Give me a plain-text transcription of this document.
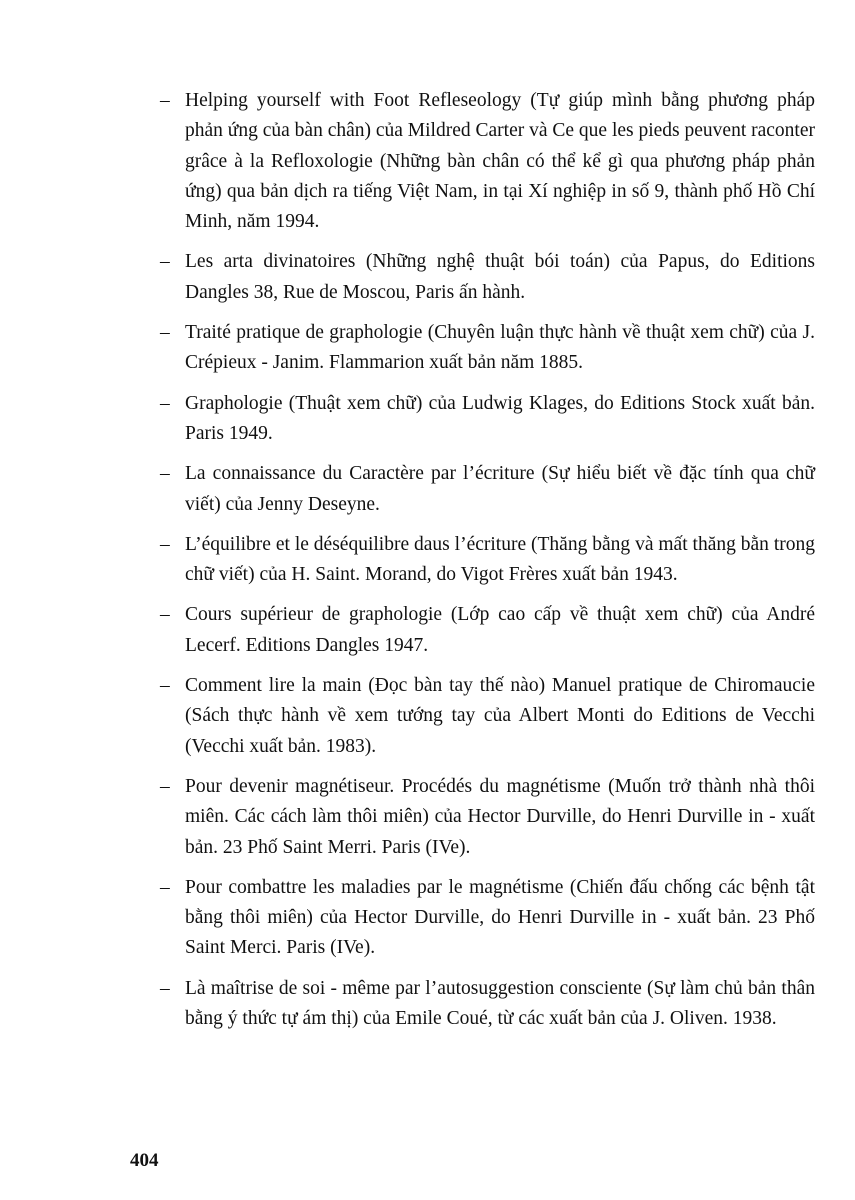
– Helping yourself with Foot Refleseology (Tự giúp mình bằng phương pháp phản ứng của bàn chân) của Mildred Carter và Ce que les pieds peuvent raconter grâce à la Refloxologie (Những bàn chân có thể kể gì qua phương pháp phản ứng) qua bản dịch ra tiếng Việt Nam, in tại Xí nghiệp in số 9, thành phố Hồ Chí Minh, năm 1994.
– Les arta divinatoires (Những nghệ thuật bói toán) của Papus, do Editions Dangles 38, Rue de Moscou, Paris ấn hành.
– Traité pratique de graphologie (Chuyên luận thực hành về thuật xem chữ) của J. Crépieux - Janim. Flammarion xuất bản năm 1885.
– Graphologie (Thuật xem chữ) của Ludwig Klages, do Editions Stock xuất bản. Paris 1949.
– La connaissance du Caractère par l’écriture (Sự hiểu biết về đặc tính qua chữ viết) của Jenny Deseyne.
– L’équilibre et le déséquilibre daus l’écriture (Thăng bằng và mất thăng bằn trong chữ viết) của H. Saint. Morand, do Vigot Frères xuất bản 1943.
– Cours supérieur de graphologie (Lớp cao cấp về thuật xem chữ) của André Lecerf. Editions Dangles 1947.
– Comment lire la main (Đọc bàn tay thế nào) Manuel pratique de Chiromaucie (Sách thực hành về xem tướng tay của Albert Monti do Editions de Vecchi (Vecchi xuất bản. 1983).
– Pour devenir magnétiseur. Procédés du magnétisme (Muốn trở thành nhà thôi miên. Các cách làm thôi miên) của Hector Durville, do Henri Durville in - xuất bản. 23 Phố Saint Merri. Paris (IVe).
– Pour combattre les maladies par le magnétisme (Chiến đấu chống các bệnh tật bằng thôi miên) của Hector Durville, do Henri Durville in - xuất bản. 23 Phố Saint Merci. Paris (IVe).
– Là maîtrise de soi - même par l’autosuggestion consciente (Sự làm chủ bản thân bằng ý thức tự ám thị) của Emile Coué, từ các xuất bản của J. Oliven. 1938.
404
